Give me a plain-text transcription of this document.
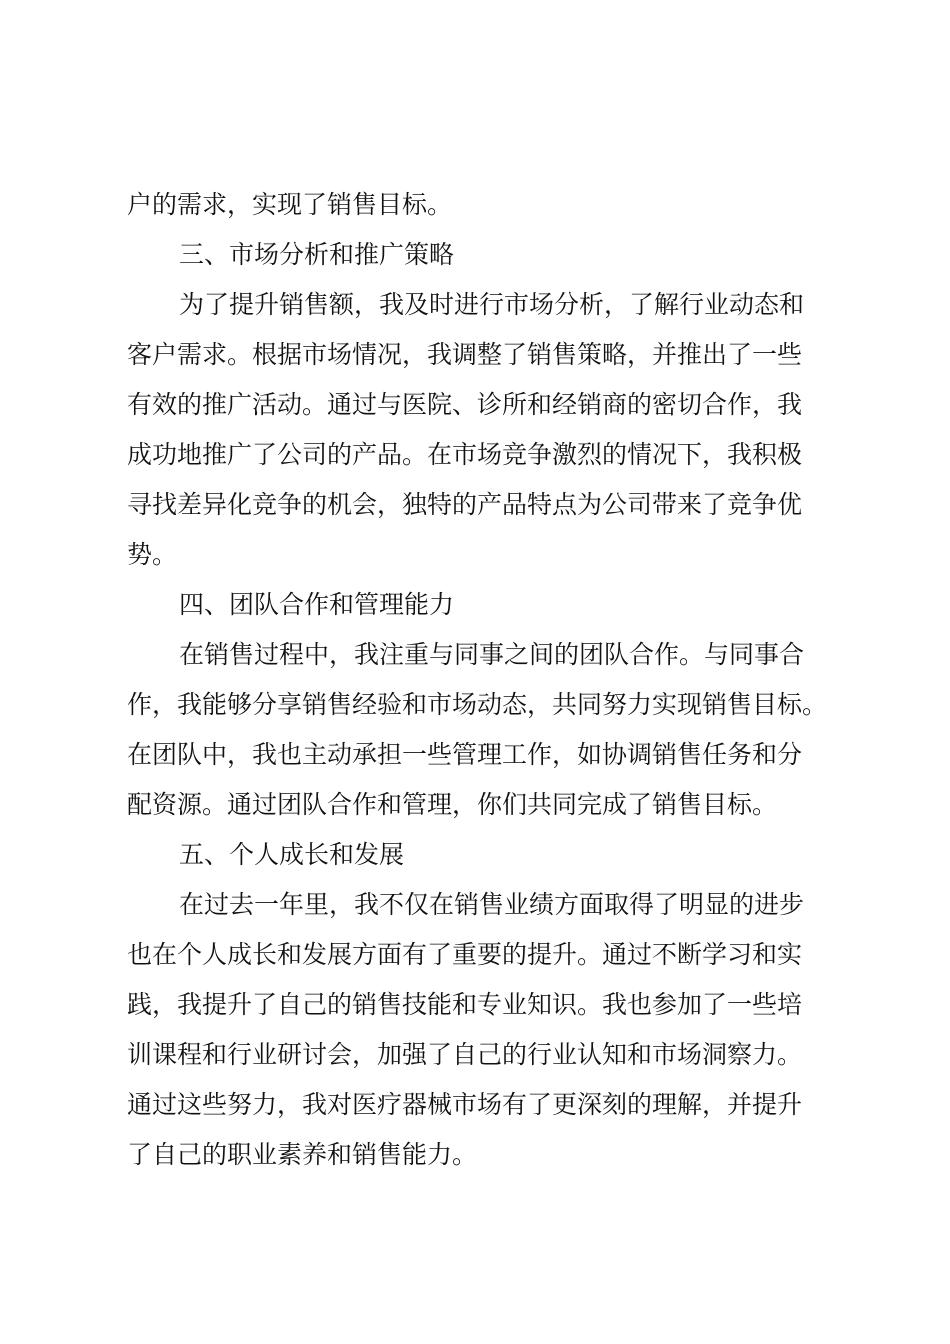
户的需求，实现了销售目标。
三、市场分析和推广策略
为了提升销售额，我及时进行市场分析，了解行业动态和
客户需求。根据市场情况，我调整了销售策略，并推出了一些
有效的推广活动。通过与医院、诊所和经销商的密切合作，我
成功地推广了公司的产品。在市场竞争激烈的情况下，我积极
寻找差异化竞争的机会，独特的产品特点为公司带来了竞争优
势。
四、团队合作和管理能力
在销售过程中，我注重与同事之间的团队合作。与同事合
作，我能够分享销售经验和市场动态，共同努力实现销售目标。
在团队中，我也主动承担一些管理工作，如协调销售任务和分
配资源。通过团队合作和管理，你们共同完成了销售目标。
五、个人成长和发展
在过去一年里，我不仅在销售业绩方面取得了明显的进步
也在个人成长和发展方面有了重要的提升。通过不断学习和实
践，我提升了自己的销售技能和专业知识。我也参加了一些培
训课程和行业研讨会，加强了自己的行业认知和市场洞察力。
通过这些努力，我对医疗器械市场有了更深刻的理解，并提升
了自己的职业素养和销售能力。
